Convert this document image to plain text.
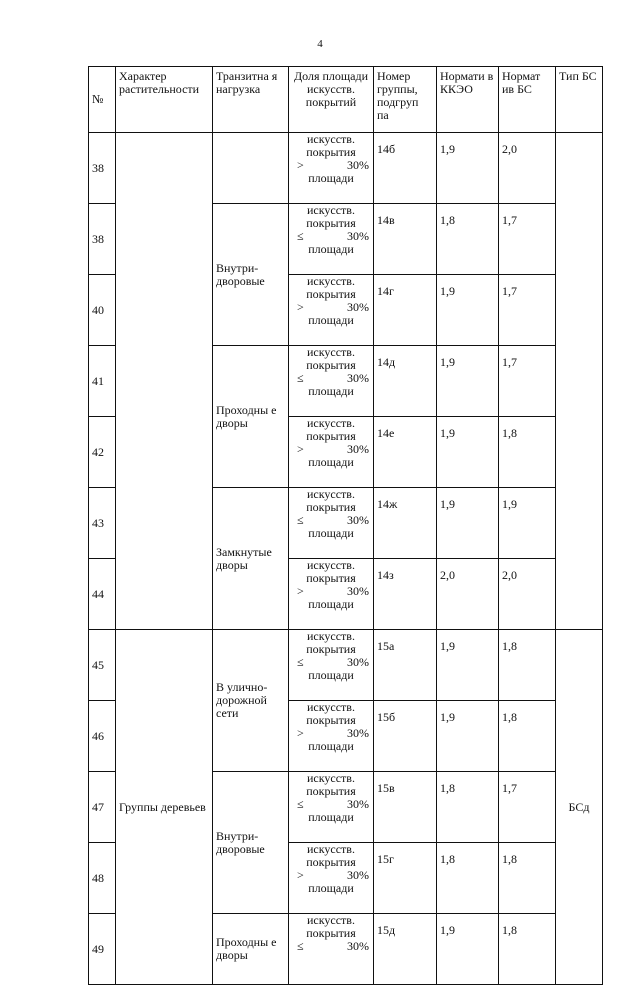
4
№	Характер растительности	Транзитна я нагрузка	Доля площади искусств. покрытий	Номер группы, подгруп па	Нормати в ККЭО	Нормат ив БС	Тип БС
38			искусств.
покрытия
> 30%
площади	14б	1,9	2,0	
38		Внутри-дворовые	искусств.
покрытия
≤ 30%
площади	14в	1,8	1,7	
40			искусств.
покрытия
> 30%
площади	14г	1,9	1,7	
41		Проходны е дворы	искусств.
покрытия
≤ 30%
площади	14д	1,9	1,7	
42			искусств.
покрытия
> 30%
площади	14е	1,9	1,8	
43		Замкнутые дворы	искусств.
покрытия
≤ 30%
площади	14ж	1,9	1,9	
44			искусств.
покрытия
> 30%
площади	14з	2,0	2,0	
45	Группы деревьев	В улично-дорожной сети	искусств.
покрытия
≤ 30%
площади	15а	1,9	1,8	БСд
46			искусств.
покрытия
> 30%
площади	15б	1,9	1,8	
47		Внутри-дворовые	искусств.
покрытия
≤ 30%
площади	15в	1,8	1,7	
48			искусств.
покрытия
> 30%
площади	15г	1,8	1,8	
49		Проходны е дворы	искусств.
покрытия
≤ 30%	15д	1,9	1,8	
